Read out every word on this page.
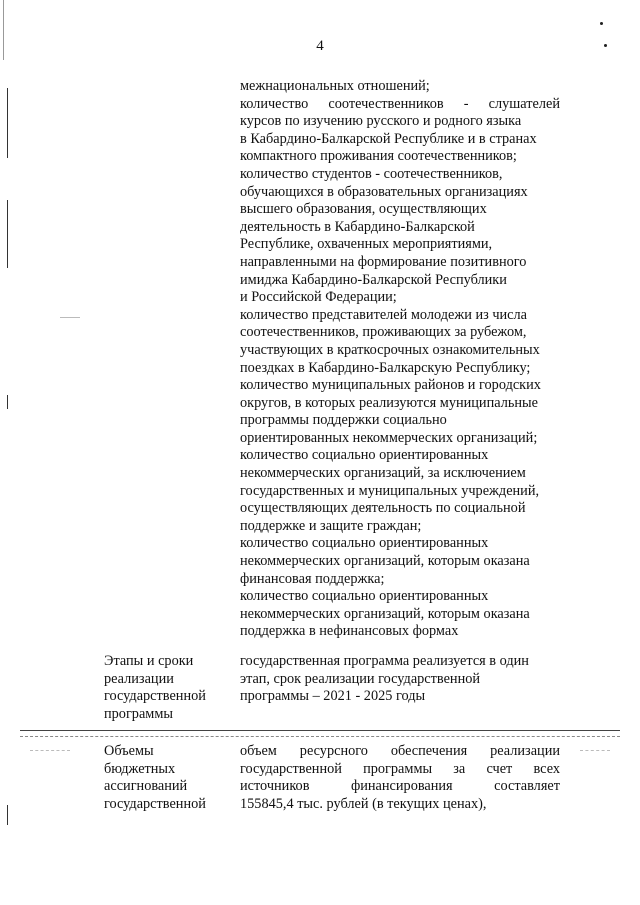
4
межнациональных отношений;
количество соотечественников - слушателей
курсов по изучению русского и родного языка
в Кабардино-Балкарской Республике и в странах
компактного проживания соотечественников;
количество студентов - соотечественников,
обучающихся в образовательных организациях
высшего образования, осуществляющих
деятельность в Кабардино-Балкарской
Республике, охваченных мероприятиями,
направленными на формирование позитивного
имиджа Кабардино-Балкарской Республики
и Российской Федерации;
количество представителей молодежи из числа
соотечественников, проживающих за рубежом,
участвующих в краткосрочных ознакомительных
поездках в Кабардино-Балкарскую Республику;
количество муниципальных районов и городских
округов, в которых реализуются муниципальные
программы поддержки социально
ориентированных некоммерческих организаций;
количество социально ориентированных
некоммерческих организаций, за исключением
государственных и муниципальных учреждений,
осуществляющих деятельность по социальной
поддержке и защите граждан;
количество социально ориентированных
некоммерческих организаций, которым оказана
финансовая поддержка;
количество социально ориентированных
некоммерческих организаций, которым оказана
поддержка в нефинансовых формах
Этапы и сроки
реализации
государственной
программы
государственная программа реализуется в один
этап, срок реализации государственной
программы – 2021 - 2025 годы
Объемы
бюджетных
ассигнований
государственной
объем ресурсного обеспечения реализации
государственной программы за счет всех
источников финансирования составляет
155845,4 тыс. рублей (в текущих ценах),
